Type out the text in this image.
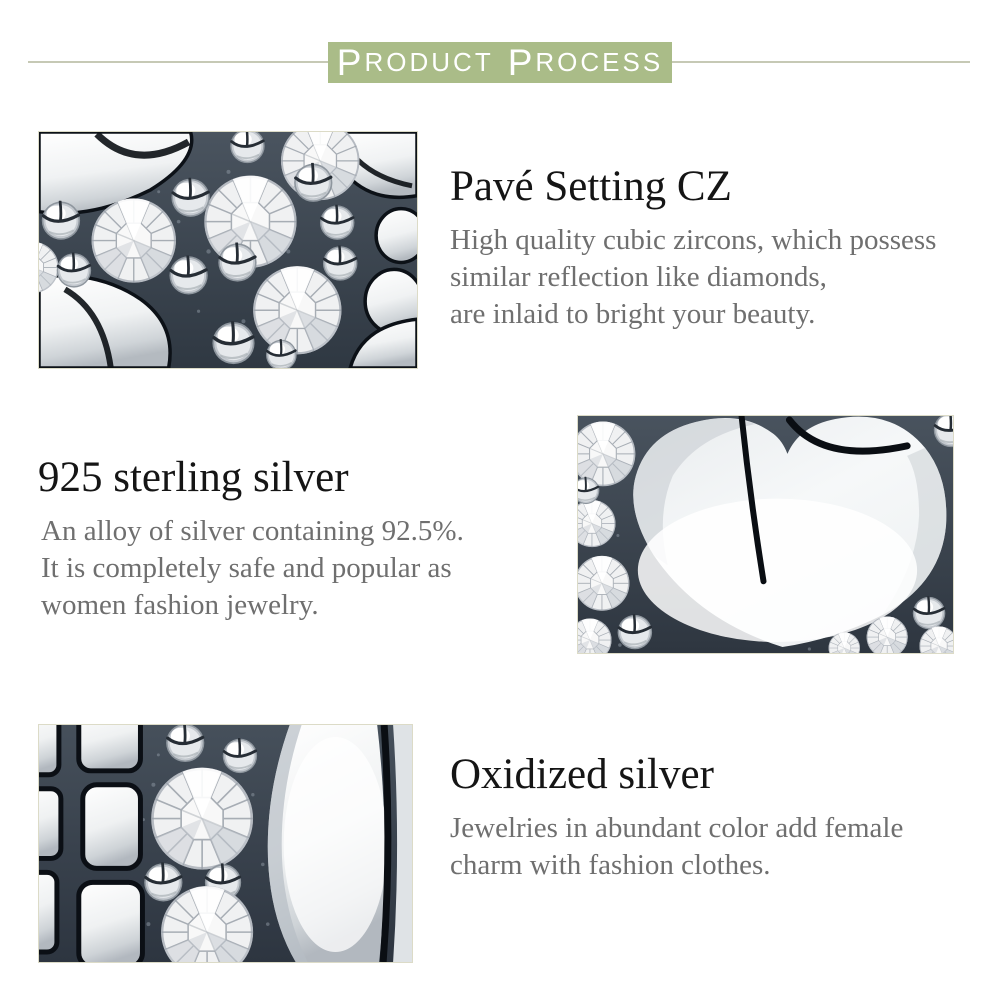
P RODUCT P ROCESS
Pavé Setting CZ
High quality cubic zircons, which possess
similar reflection like diamonds,
are inlaid to bright your beauty.
925 sterling silver
An alloy of silver containing 92.5%.
It is completely safe and popular as
women fashion jewelry.
Oxidized silver
Jewelries in abundant color add female
charm with fashion clothes.
